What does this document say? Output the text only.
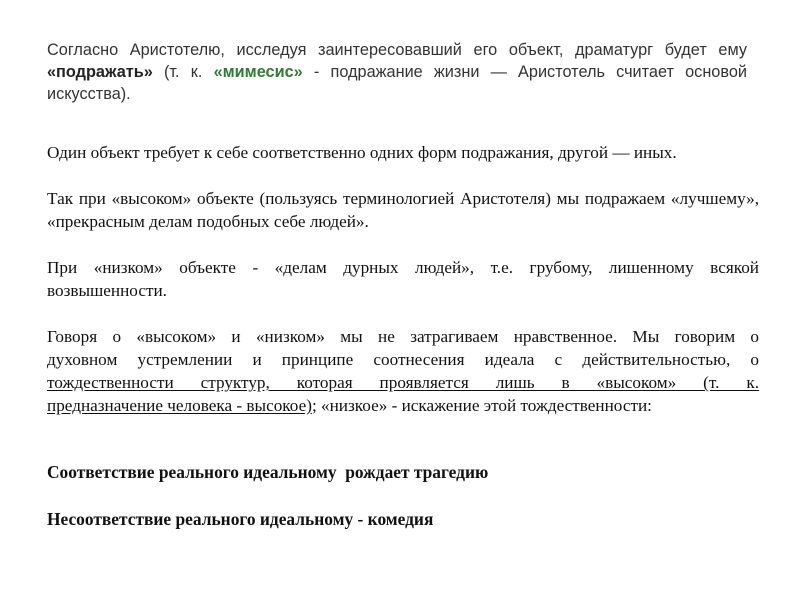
Согласно Аристотелю, исследуя заинтересовавший его объект, драматург будет ему «подражать» (т. к. «мимесис» - подражание жизни — Аристотель считает основой искусства).

Один объект требует к себе соответственно одних форм подражания, другой — иных.

Так при «высоком» объекте (пользуясь терминологией Аристотеля) мы подражаем «лучшему», «прекрасным делам подобных себе людей».

При «низком» объекте - «делам дурных людей», т.е. грубому, лишенному всякой возвышенности.

Говоря о «высоком» и «низком» мы не затрагиваем нравственное. Мы говорим о
духовном устремлении и принципе соотнесения идеала с действительностью, о
тождественности структур, которая проявляется лишь в «высоком» (т. к.
предназначение человека - высокое); «низкое» - искажение этой тождественности:
Соответствие реального идеальному  рождает трагедию
Несоответствие реального идеальному - комедия
